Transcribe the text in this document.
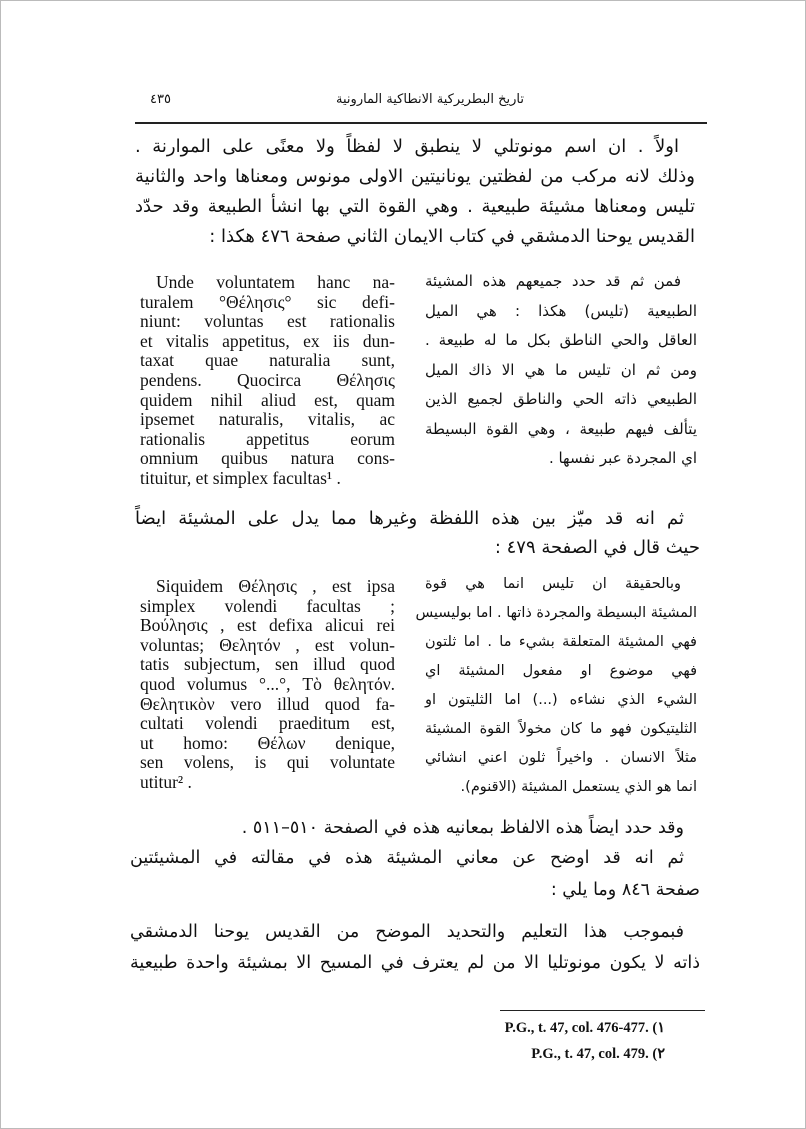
٤٣٥	تاريخ البطريركية الانطاكية المارونية
اولاً . ان اسم مونوتلي لا ينطبق لا لفظاً ولا معنًى على الموارنة .
وذلك لانه مركب من لفظتين يونانيتين الاولى مونوس ومعناها واحد والثانية
تليس ومعناها مشيئة طبيعية . وهي القوة التي بها انشأ الطبيعة وقد حدّد
القديس يوحنا الدمشقي في كتاب الايمان الثاني صفحة ٤٧٦ هكذا :
Unde voluntatem hanc na-
turalem °Θέλησις° sic defi-
niunt: voluntas est rationalis
et vitalis appetitus, ex iis dun-
taxat quae naturalia sunt,
pendens. Quocirca Θέλησις
quidem nihil aliud est, quam
ipsemet naturalis, vitalis, ac
rationalis appetitus eorum
omnium quibus natura cons-
tituitur, et simplex facultas¹ .
فمن ثم قد حدد جميعهم هذه المشيئة
الطبيعية (تليس) هكذا : هي الميل
العاقل والحي الناطق بكل ما له طبيعة .
ومن ثم ان تليس ما هي الا ذاك الميل
الطبيعي ذاته الحي والناطق لجميع الذين
يتألف فيهم طبيعة ، وهي القوة البسيطة
اي المجردة عبر نفسها .
ثم انه قد ميّز بين هذه اللفظة وغيرها مما يدل على المشيئة ايضاً
حيث قال في الصفحة ٤٧٩ :
Siquidem Θέλησις , est ipsa
simplex volendi facultas ;
Βούλησις , est defixa alicui rei
voluntas; Θελητόν , est volun-
tatis subjectum, sen illud quod
quod volumus °...°, Τὸ θελητόν.
Θελητικὸν vero illud quod fa-
cultati volendi praeditum est,
ut homo: Θέλων denique,
sen volens, is qui voluntate
utitur² .
وبالحقيقة ان تليس انما هي قوة
المشيئة البسيطة والمجردة ذاتها . اما بوليسيس
فهي المشيئة المتعلقة بشيء ما . اما ثلتون
فهي موضوع او مفعول المشيئة اي
الشيء الذي نشاءه (...) اما الثليتون او
الثليتيكون فهو ما كان مخولاً القوة المشيئة
مثلاً الانسان . واخيراً ثلون اعني انشائي
انما هو الذي يستعمل المشيئة (الاقنوم).
وقد حدد ايضاً هذه الالفاظ بمعانيه هذه في الصفحة ٥١٠–٥١١ .
ثم انه قد اوضح عن معاني المشيئة هذه في مقالته في المشيئتين
صفحة ٨٤٦ وما يلي :
فبموجب هذا التعليم والتحديد الموضح من القديس يوحنا الدمشقي
ذاته لا يكون مونوتليا الا من لم يعترف في المسيح الا بمشيئة واحدة طبيعية
P.G., t. 47, col. 476-477. (١
P.G., t. 47, col. 479. (٢
